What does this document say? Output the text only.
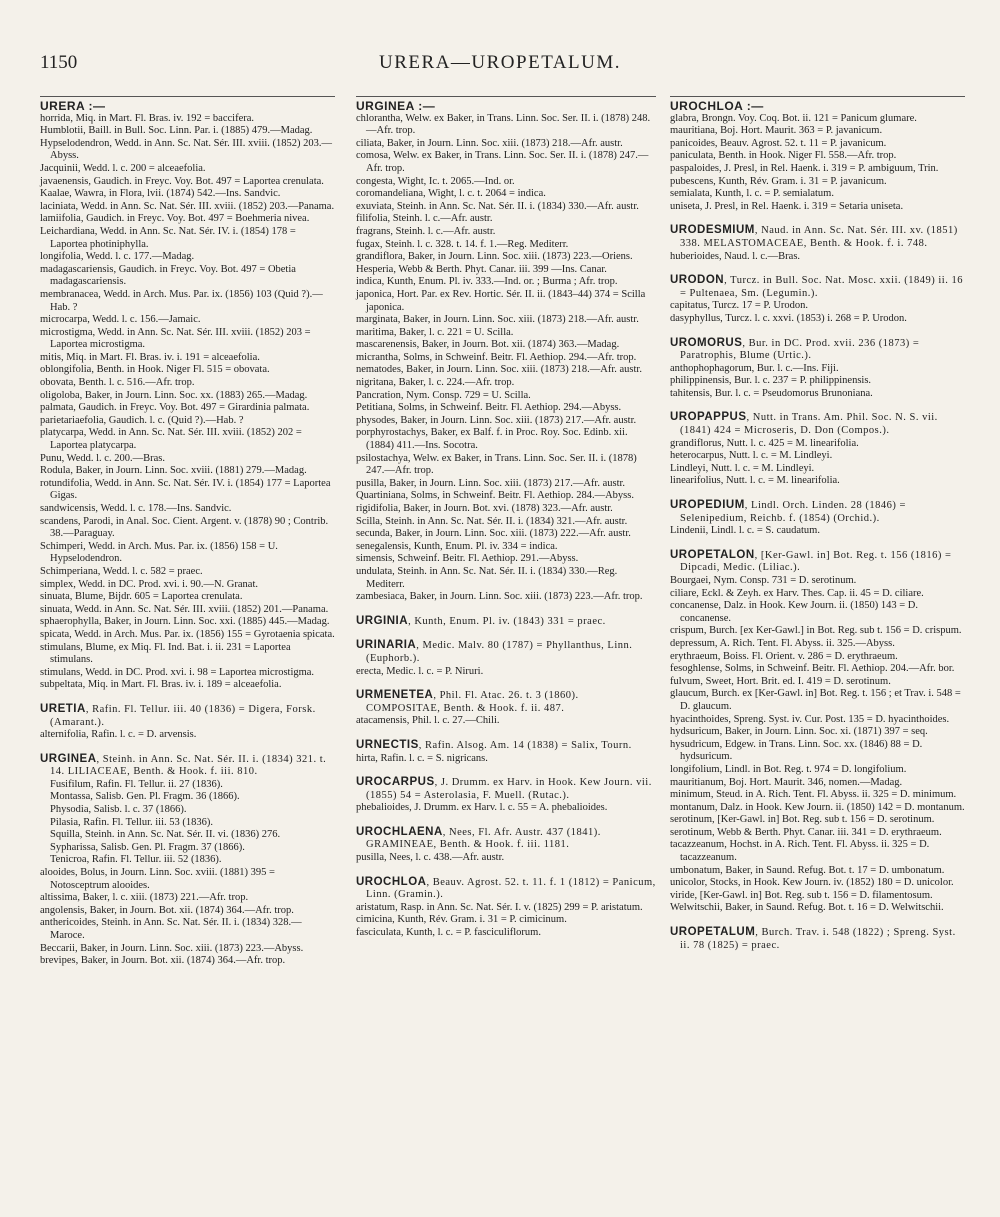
1150	URERA—UROPETALUM.
URERA :—
horrida, Miq. in Mart. Fl. Bras. iv. 192 = baccifera.
Humblotii, Baill. in Bull. Soc. Linn. Par. i. (1885) 479.—Madag.
Hypselodendron, Wedd. in Ann. Sc. Nat. Sér. III. xviii. (1852) 203.—Abyss.
Jacquinii, Wedd. l. c. 200 = alceaefolia.
javaenensis, Gaudich. in Freyc. Voy. Bot. 497 = Laportea crenulata.
Kaalae, Wawra, in Flora, lvii. (1874) 542.—Ins. Sandvic.
laciniata, Wedd. in Ann. Sc. Nat. Sér. III. xviii. (1852) 203.—Panama.
lamiifolia, Gaudich. in Freyc. Voy. Bot. 497 = Boehmeria nivea.
Leichardiana, Wedd. in Ann. Sc. Nat. Sér. IV. i. (1854) 178 = Laportea photiniphylla.
longifolia, Wedd. l. c. 177.—Madag.
madagascariensis, Gaudich. in Freyc. Voy. Bot. 497 = Obetia madagascariensis.
membranacea, Wedd. in Arch. Mus. Par. ix. (1856) 103 (Quid ?).—Hab. ?
microcarpa, Wedd. l. c. 156.—Jamaic.
microstigma, Wedd. in Ann. Sc. Nat. Sér. III. xviii. (1852) 203 = Laportea microstigma.
mitis, Miq. in Mart. Fl. Bras. iv. i. 191 = alceaefolia.
oblongifolia, Benth. in Hook. Niger Fl. 515 = obovata.
obovata, Benth. l. c. 516.—Afr. trop.
oligoloba, Baker, in Journ. Linn. Soc. xx. (1883) 265.—Madag.
palmata, Gaudich. in Freyc. Voy. Bot. 497 = Girardinia palmata.
parietariaefolia, Gaudich. l. c. (Quid ?).—Hab. ?
platycarpa, Wedd. in Ann. Sc. Nat. Sér. III. xviii. (1852) 202 = Laportea platycarpa.
Punu, Wedd. l. c. 200.—Bras.
Rodula, Baker, in Journ. Linn. Soc. xviii. (1881) 279.—Madag.
rotundifolia, Wedd. in Ann. Sc. Nat. Sér. IV. i. (1854) 177 = Laportea Gigas.
sandwicensis, Wedd. l. c. 178.—Ins. Sandvic.
scandens, Parodi, in Anal. Soc. Cient. Argent. v. (1878) 90 ; Contrib. 38.—Paraguay.
Schimperi, Wedd. in Arch. Mus. Par. ix. (1856) 158 = U. Hypselodendron.
Schimperiana, Wedd. l. c. 582 = praec.
simplex, Wedd. in DC. Prod. xvi. i. 90.—N. Granat.
sinuata, Blume, Bijdr. 605 = Laportea crenulata.
sinuata, Wedd. in Ann. Sc. Nat. Sér. III. xviii. (1852) 201.—Panama.
sphaerophylla, Baker, in Journ. Linn. Soc. xxi. (1885) 445.—Madag.
spicata, Wedd. in Arch. Mus. Par. ix. (1856) 155 = Gyrotaenia spicata.
stimulans, Blume, ex Miq. Fl. Ind. Bat. i. ii. 231 = Laportea stimulans.
stimulans, Wedd. in DC. Prod. xvi. i. 98 = Laportea microstigma.
subpeltata, Miq. in Mart. Fl. Bras. iv. i. 189 = alceaefolia.
URETIA, Rafin. Fl. Tellur. iii. 40 (1836) = Digera, Forsk. (Amarant.).
alternifolia, Rafin. l. c. = D. arvensis.
URGINEA, Steinh. in Ann. Sc. Nat. Sér. II. i. (1834) 321. t. 14. LILIACEAE, Benth. & Hook. f. iii. 810.
Fusifilum, Rafin. Fl. Tellur. ii. 27 (1836).
Montassa, Salisb. Gen. Pl. Fragm. 36 (1866).
Physodia, Salisb. l. c. 37 (1866).
Pilasia, Rafin. Fl. Tellur. iii. 53 (1836).
Squilla, Steinh. in Ann. Sc. Nat. Sér. II. vi. (1836) 276.
Sypharissa, Salisb. Gen. Pl. Fragm. 37 (1866).
Tenicroa, Rafin. Fl. Tellur. iii. 52 (1836).
alooides, Bolus, in Journ. Linn. Soc. xviii. (1881) 395 = Notosceptrum alooides.
altissima, Baker, l. c. xiii. (1873) 221.—Afr. trop.
angolensis, Baker, in Journ. Bot. xii. (1874) 364.—Afr. trop.
anthericoides, Steinh. in Ann. Sc. Nat. Sér. II. i. (1834) 328.—Maroce.
Beccarii, Baker, in Journ. Linn. Soc. xiii. (1873) 223.—Abyss.
brevipes, Baker, in Journ. Bot. xii. (1874) 364.—Afr. trop.
URGINEA :—
chlorantha, Welw. ex Baker, in Trans. Linn. Soc. Ser. II. i. (1878) 248.—Afr. trop.
ciliata, Baker, in Journ. Linn. Soc. xiii. (1873) 218.—Afr. austr.
comosa, Welw. ex Baker, in Trans. Linn. Soc. Ser. II. i. (1878) 247.—Afr. trop.
congesta, Wight, Ic. t. 2065.—Ind. or.
coromandeliana, Wight, l. c. t. 2064 = indica.
exuviata, Steinh. in Ann. Sc. Nat. Sér. II. i. (1834) 330.—Afr. austr.
filifolia, Steinh. l. c.—Afr. austr.
fragrans, Steinh. l. c.—Afr. austr.
fugax, Steinh. l. c. 328. t. 14. f. 1.—Reg. Mediterr.
grandiflora, Baker, in Journ. Linn. Soc. xiii. (1873) 223.—Oriens.
Hesperia, Webb & Berth. Phyt. Canar. iii. 399 —Ins. Canar.
indica, Kunth, Enum. Pl. iv. 333.—Ind. or. ; Burma ; Afr. trop.
japonica, Hort. Par. ex Rev. Hortic. Sér. II. ii. (1843–44) 374 = Scilla japonica.
marginata, Baker, in Journ. Linn. Soc. xiii. (1873) 218.—Afr. austr.
maritima, Baker, l. c. 221 = U. Scilla.
mascarenensis, Baker, in Journ. Bot. xii. (1874) 363.—Madag.
micrantha, Solms, in Schweinf. Beitr. Fl. Aethiop. 294.—Afr. trop.
nematodes, Baker, in Journ. Linn. Soc. xiii. (1873) 218.—Afr. austr.
nigritana, Baker, l. c. 224.—Afr. trop.
Pancration, Nym. Consp. 729 = U. Scilla.
Petitiana, Solms, in Schweinf. Beitr. Fl. Aethiop. 294.—Abyss.
physodes, Baker, in Journ. Linn. Soc. xiii. (1873) 217.—Afr. austr.
porphyrostachys, Baker, ex Balf. f. in Proc. Roy. Soc. Edinb. xii. (1884) 411.—Ins. Socotra.
psilostachya, Welw. ex Baker, in Trans. Linn. Soc. Ser. II. i. (1878) 247.—Afr. trop.
pusilla, Baker, in Journ. Linn. Soc. xiii. (1873) 217.—Afr. austr.
Quartiniana, Solms, in Schweinf. Beitr. Fl. Aethiop. 284.—Abyss.
rigidifolia, Baker, in Journ. Bot. xvi. (1878) 323.—Afr. austr.
Scilla, Steinh. in Ann. Sc. Nat. Sér. II. i. (1834) 321.—Afr. austr.
secunda, Baker, in Journ. Linn. Soc. xiii. (1873) 222.—Afr. austr.
senegalensis, Kunth, Enum. Pl. iv. 334 = indica.
simensis, Schweinf. Beitr. Fl. Aethiop. 291.—Abyss.
undulata, Steinh. in Ann. Sc. Nat. Sér. II. i. (1834) 330.—Reg. Mediterr.
zambesiaca, Baker, in Journ. Linn. Soc. xiii. (1873) 223.—Afr. trop.
URGINIA, Kunth, Enum. Pl. iv. (1843) 331 = praec.
URINARIA, Medic. Malv. 80 (1787) = Phyllanthus, Linn. (Euphorb.).
erecta, Medic. l. c. = P. Niruri.
URMENETEA, Phil. Fl. Atac. 26. t. 3 (1860). COMPOSITAE, Benth. & Hook. f. ii. 487.
atacamensis, Phil. l. c. 27.—Chili.
URNECTIS, Rafin. Alsog. Am. 14 (1838) = Salix, Tourn.
hirta, Rafin. l. c. = S. nigricans.
UROCARPUS, J. Drumm. ex Harv. in Hook. Kew Journ. vii. (1855) 54 = Asterolasia, F. Muell. (Rutac.).
phebalioides, J. Drumm. ex Harv. l. c. 55 = A. phebalioides.
UROCHLAENA, Nees, Fl. Afr. Austr. 437 (1841). GRAMINEAE, Benth. & Hook. f. iii. 1181.
pusilla, Nees, l. c. 438.—Afr. austr.
UROCHLOA, Beauv. Agrost. 52. t. 11. f. 1 (1812) = Panicum, Linn. (Gramin.).
aristatum, Rasp. in Ann. Sc. Nat. Sér. I. v. (1825) 299 = P. aristatum.
cimicina, Kunth, Rév. Gram. i. 31 = P. cimicinum.
fasciculata, Kunth, l. c. = P. fasciculiflorum.
UROCHLOA :—
glabra, Brongn. Voy. Coq. Bot. ii. 121 = Panicum glumare.
mauritiana, Boj. Hort. Maurit. 363 = P. javanicum.
panicoides, Beauv. Agrost. 52. t. 11 = P. javanicum.
paniculata, Benth. in Hook. Niger Fl. 558.—Afr. trop.
paspaloides, J. Presl, in Rel. Haenk. i. 319 = P. ambiguum, Trin.
pubescens, Kunth, Rév. Gram. i. 31 = P. javanicum.
semialata, Kunth, l. c. = P. semialatum.
uniseta, J. Presl, in Rel. Haenk. i. 319 = Setaria uniseta.
URODESMIUM, Naud. in Ann. Sc. Nat. Sér. III. xv. (1851) 338. MELASTOMACEAE, Benth. & Hook. f. i. 748.
huberioides, Naud. l. c.—Bras.
URODON, Turcz. in Bull. Soc. Nat. Mosc. xxii. (1849) ii. 16 = Pultenaea, Sm. (Legumin.).
capitatus, Turcz. 17 = P. Urodon.
dasyphyllus, Turcz. l. c. xxvi. (1853) i. 268 = P. Urodon.
UROMORUS, Bur. in DC. Prod. xvii. 236 (1873) = Paratrophis, Blume (Urtic.).
anthophophagorum, Bur. l. c.—Ins. Fiji.
philippinensis, Bur. l. c. 237 = P. philippinensis.
tahitensis, Bur. l. c. = Pseudomorus Brunoniana.
UROPAPPUS, Nutt. in Trans. Am. Phil. Soc. N. S. vii. (1841) 424 = Microseris, D. Don (Compos.).
grandiflorus, Nutt. l. c. 425 = M. linearifolia.
heterocarpus, Nutt. l. c. = M. Lindleyi.
Lindleyi, Nutt. l. c. = M. Lindleyi.
linearifolius, Nutt. l. c. = M. linearifolia.
UROPEDIUM, Lindl. Orch. Linden. 28 (1846) = Selenipedium, Reichb. f. (1854) (Orchid.).
Lindenii, Lindl. l. c. = S. caudatum.
UROPETALON, [Ker-Gawl. in] Bot. Reg. t. 156 (1816) = Dipcadi, Medic. (Liliac.).
Bourgaei, Nym. Consp. 731 = D. serotinum.
ciliare, Eckl. & Zeyh. ex Harv. Thes. Cap. ii. 45 = D. ciliare.
concanense, Dalz. in Hook. Kew Journ. ii. (1850) 143 = D. concanense.
crispum, Burch. [ex Ker-Gawl.] in Bot. Reg. sub t. 156 = D. crispum.
depressum, A. Rich. Tent. Fl. Abyss. ii. 325.—Abyss.
erythraeum, Boiss. Fl. Orient. v. 286 = D. erythraeum.
fesoghlense, Solms, in Schweinf. Beitr. Fl. Aethiop. 204.—Afr. bor.
fulvum, Sweet, Hort. Brit. ed. I. 419 = D. serotinum.
glaucum, Burch. ex [Ker-Gawl. in] Bot. Reg. t. 156 ; et Trav. i. 548 = D. glaucum.
hyacinthoides, Spreng. Syst. iv. Cur. Post. 135 = D. hyacinthoides.
hydsuricum, Baker, in Journ. Linn. Soc. xi. (1871) 397 = seq.
hysudricum, Edgew. in Trans. Linn. Soc. xx. (1846) 88 = D. hydsuricum.
longifolium, Lindl. in Bot. Reg. t. 974 = D. longifolium.
mauritianum, Boj. Hort. Maurit. 346, nomen.—Madag.
minimum, Steud. in A. Rich. Tent. Fl. Abyss. ii. 325 = D. minimum.
montanum, Dalz. in Hook. Kew Journ. ii. (1850) 142 = D. montanum.
serotinum, [Ker-Gawl. in] Bot. Reg. sub t. 156 = D. serotinum.
serotinum, Webb & Berth. Phyt. Canar. iii. 341 = D. erythraeum.
tacazzeanum, Hochst. in A. Rich. Tent. Fl. Abyss. ii. 325 = D. tacazzeanum.
umbonatum, Baker, in Saund. Refug. Bot. t. 17 = D. umbonatum.
unicolor, Stocks, in Hook. Kew Journ. iv. (1852) 180 = D. unicolor.
viride, [Ker-Gawl. in] Bot. Reg. sub t. 156 = D. filamentosum.
Welwitschii, Baker, in Saund. Refug. Bot. t. 16 = D. Welwitschii.
UROPETALUM, Burch. Trav. i. 548 (1822) ; Spreng. Syst. ii. 78 (1825) = praec.
